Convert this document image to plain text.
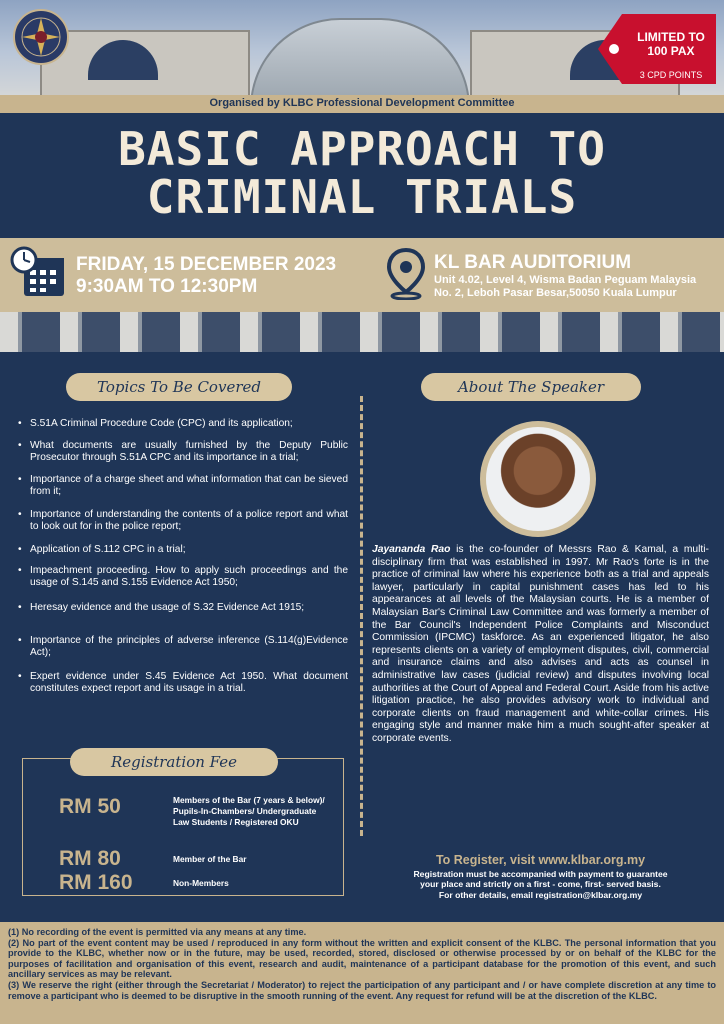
LIMITED TO 100 PAX
3 CPD POINTS
Organised by KLBC Professional Development Committee
BASIC APPROACH TO
CRIMINAL TRIALS
FRIDAY, 15 DECEMBER 2023
9:30AM TO 12:30PM
KL BAR AUDITORIUM
Unit 4.02, Level 4, Wisma Badan Peguam Malaysia
No. 2, Leboh Pasar Besar,50050 Kuala Lumpur
Topics To Be Covered
• S.51A Criminal Procedure Code (CPC) and its application;
• What documents are usually furnished by the Deputy Public Prosecutor through S.51A CPC and its importance in a trial;
• Importance of a charge sheet and what information that can be sieved from it;
• Importance of understanding the contents of a police report and what to look out for in the police report;
• Application of S.112 CPC in a trial;
• Impeachment proceeding. How to apply such proceedings and the usage of S.145 and S.155 Evidence Act 1950;
• Heresay evidence and the usage of S.32 Evidence Act 1915;
• Importance of the principles of adverse inference (S.114(g)Evidence Act);
• Expert evidence under S.45 Evidence Act 1950. What document constitutes expect report and its usage in a trial.
About The Speaker
Jayananda Rao is the co-founder of Messrs Rao & Kamal, a multi-disciplinary firm that was established in 1997. Mr Rao's forte is in the practice of criminal law where his experience both as a trial and appeals lawyer, particularly in capital punishment cases has led to his appearances at all levels of the Malaysian courts. He is a member of Malaysian Bar's Criminal Law Committee and was formerly a member of the Bar Council's Independent Police Complaints and Misconduct Commission (IPCMC) taskforce. As an experienced litigator, he also represents clients on a variety of employment disputes, civil, commercial and insurance claims and also advises and acts as counsel in administrative law cases (judicial review) and disputes involving local authorities at the Court of Appeal and Federal Court. Aside from his active litigation practice, he also provides advisory work to individual and corporate clients on fraud management and white-collar crimes. His engaging style and manner make him a much sought-after speaker at corporate events.
RM 50	Members of the Bar (7 years & below)/ Pupils-In-Chambers/ Undergraduate Law Students / Registered OKU
RM 80	Member of the Bar
RM 160	Non-Members
Registration Fee
To Register, visit www.klbar.org.my
Registration must be accompanied with payment to guarantee
your place and strictly on a first - come, first- served basis.
For other details, email registration@klbar.org.my

(1) No recording of the event is permitted via any means at any time.

(2) No part of the event content may be used / reproduced in any form without the written and explicit consent of the KLBC. The personal information that you provide to the KLBC, whether now or in the future, may be used, recorded, stored, disclosed or otherwise processed by or on behalf of the KLBC for the purposes of facilitation and organisation of this event, research and audit, maintenance of a participant database for the promotion of this event, and such ancillary services as may be relevant.

(3) We reserve the right (either through the Secretariat / Moderator) to reject the participation of any participant and / or have complete discretion at any time to remove a participant who is deemed to be disruptive in the smooth running of the event. Any request for refund will be at the discretion of the KLBC.
